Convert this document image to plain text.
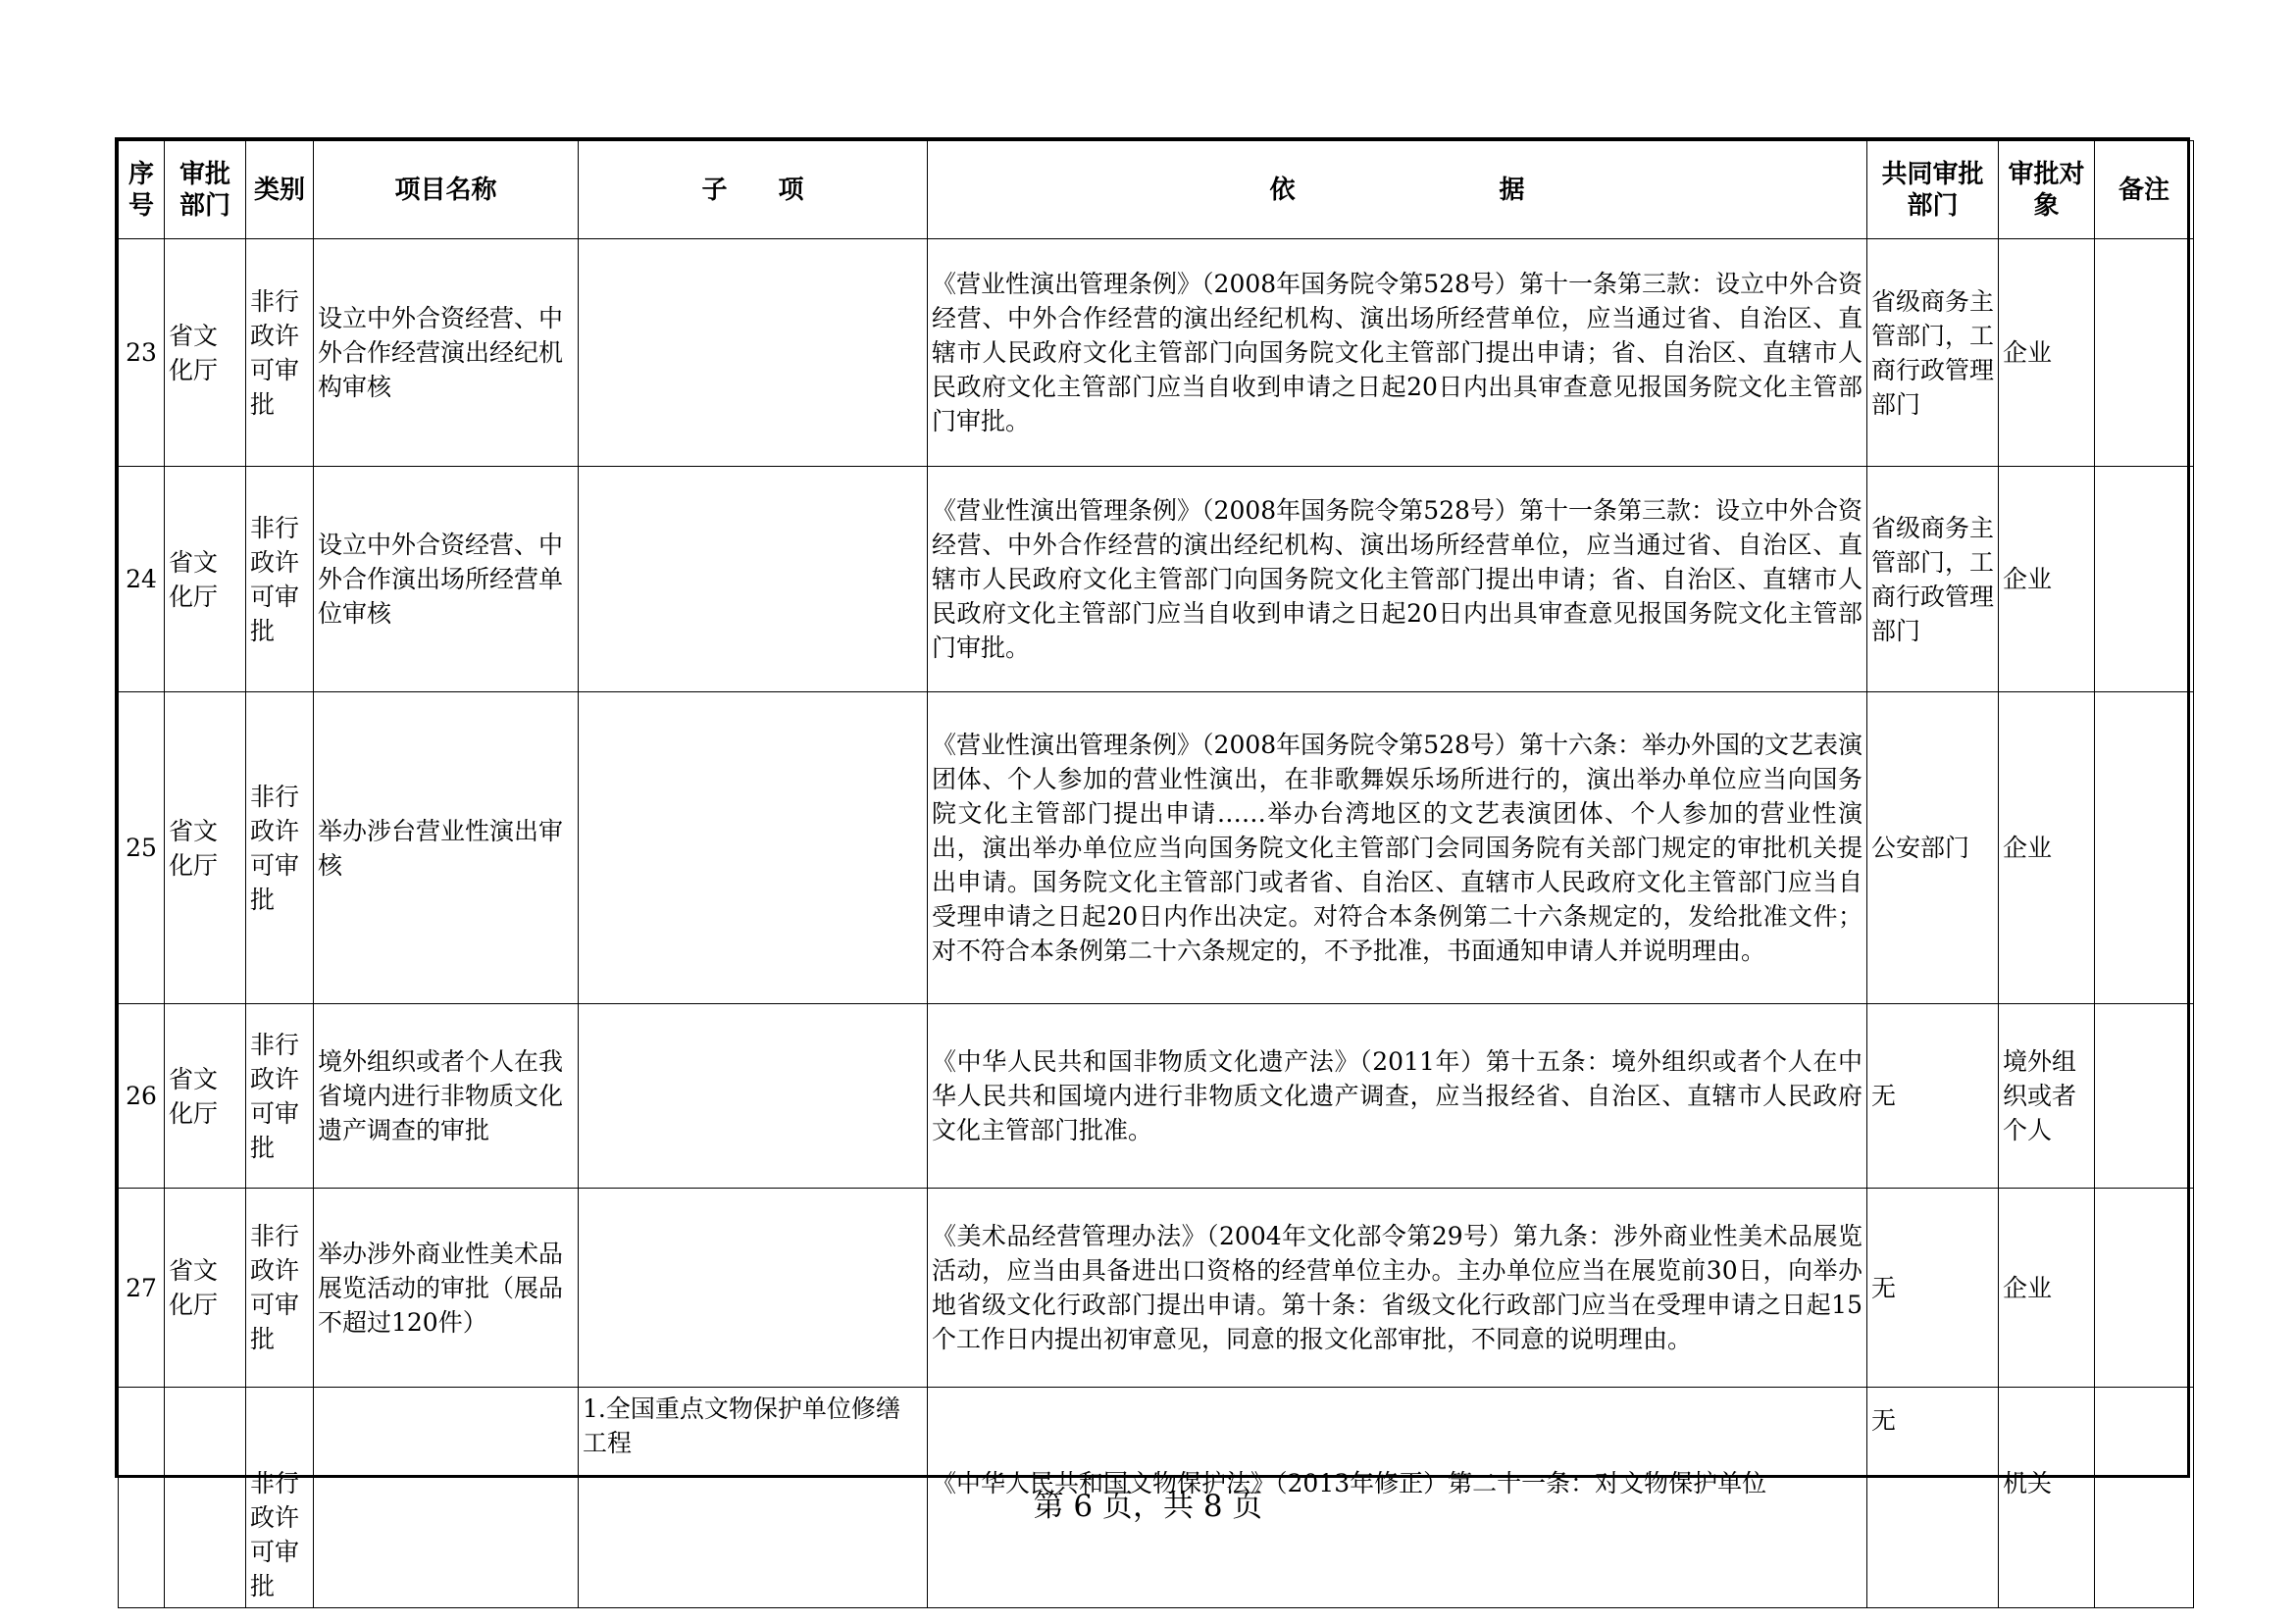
序号	审批部门	类别	项目名称	子　　项	依　　　　　　　　据	共同审批部门	审批对象	备注
23	省文化厅	非行政许可审批	设立中外合资经营、中外合作经营演出经纪机构审核		《营业性演出管理条例》（2008年国务院令第528号）第十一条第三款：设立中外合资经营、中外合作经营的演出经纪机构、演出场所经营单位，应当通过省、自治区、直辖市人民政府文化主管部门向国务院文化主管部门提出申请；省、自治区、直辖市人民政府文化主管部门应当自收到申请之日起20日内出具审查意见报国务院文化主管部门审批。	省级商务主管部门，工商行政管理部门	企业	
24	省文化厅	非行政许可审批	设立中外合资经营、中外合作演出场所经营单位审核		《营业性演出管理条例》（2008年国务院令第528号）第十一条第三款：设立中外合资经营、中外合作经营的演出经纪机构、演出场所经营单位，应当通过省、自治区、直辖市人民政府文化主管部门向国务院文化主管部门提出申请；省、自治区、直辖市人民政府文化主管部门应当自收到申请之日起20日内出具审查意见报国务院文化主管部门审批。	省级商务主管部门，工商行政管理部门	企业	
25	省文化厅	非行政许可审批	举办涉台营业性演出审核		《营业性演出管理条例》（2008年国务院令第528号）第十六条：举办外国的文艺表演团体、个人参加的营业性演出，在非歌舞娱乐场所进行的，演出举办单位应当向国务院文化主管部门提出申请……举办台湾地区的文艺表演团体、个人参加的营业性演出，演出举办单位应当向国务院文化主管部门会同国务院有关部门规定的审批机关提出申请。国务院文化主管部门或者省、自治区、直辖市人民政府文化主管部门应当自受理申请之日起20日内作出决定。对符合本条例第二十六条规定的，发给批准文件；对不符合本条例第二十六条规定的，不予批准，书面通知申请人并说明理由。	公安部门	企业	
26	省文化厅	非行政许可审批	境外组织或者个人在我省境内进行非物质文化遗产调查的审批		《中华人民共和国非物质文化遗产法》（2011年）第十五条：境外组织或者个人在中华人民共和国境内进行非物质文化遗产调查，应当报经省、自治区、直辖市人民政府文化主管部门批准。	无	境外组织或者个人	
27	省文化厅	非行政许可审批	举办涉外商业性美术品展览活动的审批（展品不超过120件）		《美术品经营管理办法》（2004年文化部令第29号）第九条：涉外商业性美术品展览活动，应当由具备进出口资格的经营单位主办。主办单位应当在展览前30日，向举办地省级文化行政部门提出申请。第十条：省级文化行政部门应当在受理申请之日起15个工作日内提出初审意见，同意的报文化部审批，不同意的说明理由。	无	企业	
		非行政许可审批		1.全国重点文物保护单位修缮工程	《中华人民共和国文物保护法》（2013年修正）第二十一条：对文物保护单位	无	机关	
第 6 页，共 8 页
